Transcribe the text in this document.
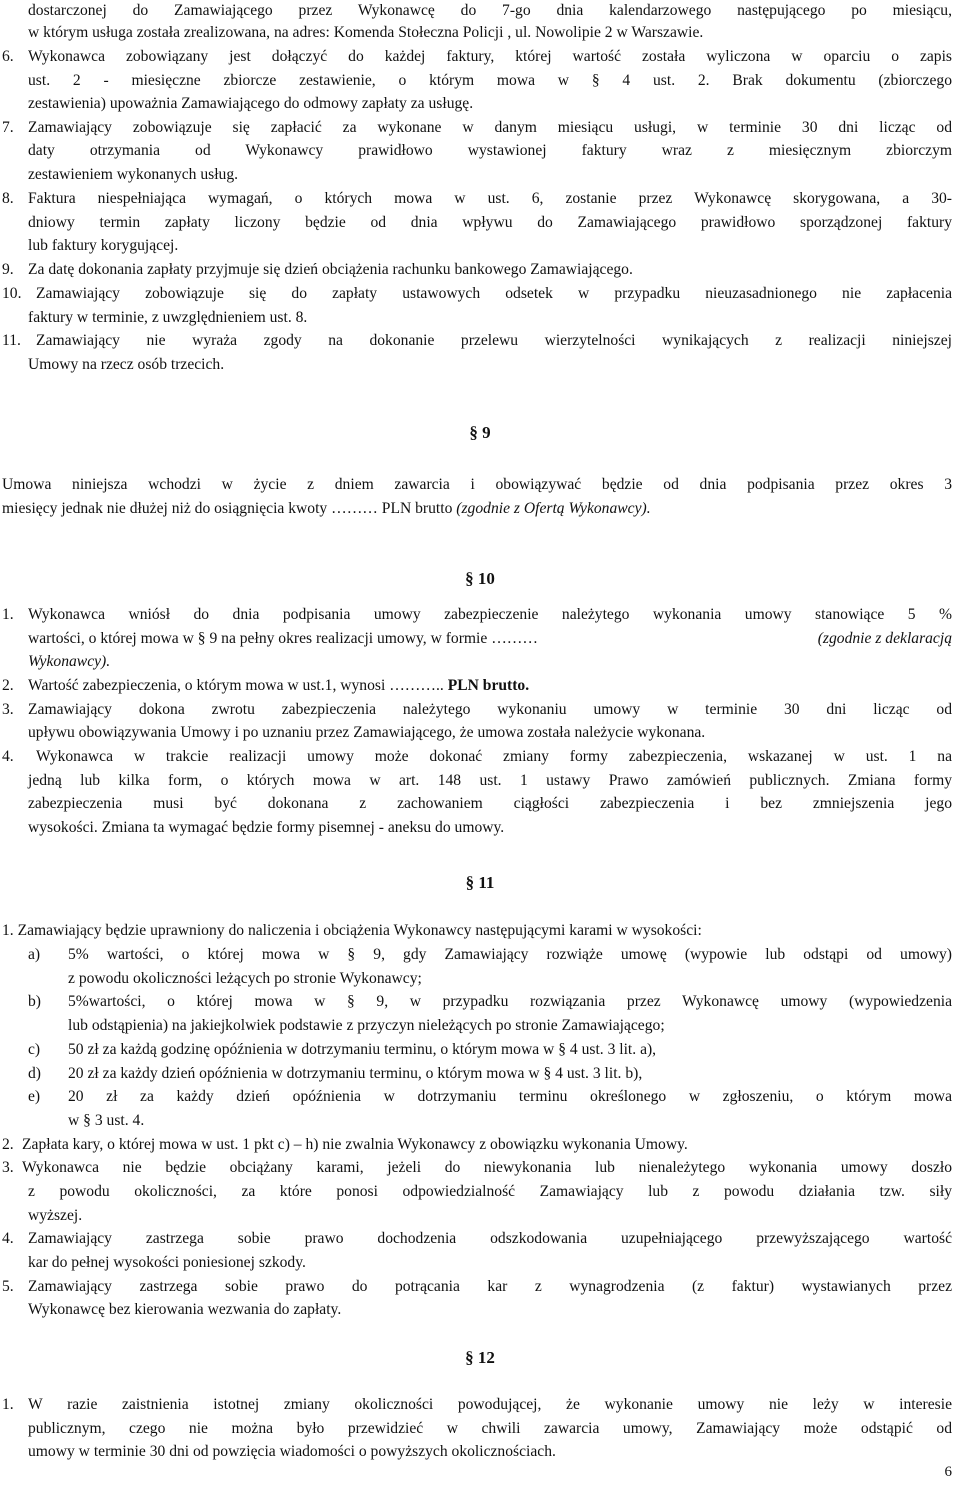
dostarczonej do Zamawiającego przez Wykonawcę do 7-go dnia kalendarzowego następującego po miesiącu,
w którym usługa została zrealizowana, na adres: Komenda Stołeczna Policji , ul. Nowolipie 2 w Warszawie.
6. Wykonawca zobowiązany jest dołączyć do każdej faktury, której wartość została wyliczona w oparciu o zapis
ust. 2 - miesięczne zbiorcze zestawienie, o którym mowa w § 4 ust. 2. Brak dokumentu (zbiorczego
zestawienia) upoważnia Zamawiającego do odmowy zapłaty za usługę.
7. Zamawiający zobowiązuje się zapłacić za wykonane w danym miesiącu usługi, w terminie 30 dni licząc od
daty otrzymania od Wykonawcy prawidłowo wystawionej faktury wraz z miesięcznym zbiorczym
zestawieniem wykonanych usług.
8. Faktura niespełniająca wymagań, o których mowa w ust. 6, zostanie przez Wykonawcę skorygowana, a 30-
dniowy termin zapłaty liczony będzie od dnia wpływu do Zamawiającego prawidłowo sporządzonej faktury
lub faktury korygującej.
9. Za datę dokonania zapłaty przyjmuje się dzień obciążenia rachunku bankowego Zamawiającego.
10. Zamawiający zobowiązuje się do zapłaty ustawowych odsetek w przypadku nieuzasadnionego nie zapłacenia
faktury w terminie, z uwzględnieniem ust. 8.
11. Zamawiający nie wyraża zgody na dokonanie przelewu wierzytelności wynikających z realizacji niniejszej
Umowy na rzecz osób trzecich.
§ 9
Umowa niniejsza wchodzi w życie z dniem zawarcia i obowiązywać będzie od dnia podpisania przez okres 3
miesięcy jednak nie dłużej niż do osiągnięcia kwoty ……… PLN brutto (zgodnie z Ofertą Wykonawcy).
§ 10
1. Wykonawca wniósł do dnia podpisania umowy zabezpieczenie należytego wykonania umowy stanowiące 5 %
wartości, o której mowa w § 9 na pełny okres realizacji umowy, w formie ………	(zgodnie z deklaracją
Wykonawcy).
2. Wartość zabezpieczenia, o którym mowa w ust.1, wynosi ……….. PLN brutto.
3. Zamawiający dokona zwrotu zabezpieczenia należytego wykonaniu umowy w terminie 30 dni licząc od
upływu obowiązywania Umowy i po uznaniu przez Zamawiającego, że umowa została należycie wykonana.
4.	Wykonawca w trakcie realizacji umowy może dokonać zmiany formy zabezpieczenia, wskazanej w ust. 1 na
jedną lub kilka form, o których mowa w art. 148 ust. 1 ustawy Prawo zamówień publicznych. Zmiana formy
zabezpieczenia musi być dokonana z zachowaniem ciągłości zabezpieczenia i bez zmniejszenia jego
wysokości. Zmiana ta wymagać będzie formy pisemnej - aneksu do umowy.
§ 11
1. Zamawiający będzie uprawniony do naliczenia i obciążenia Wykonawcy następującymi karami w wysokości:
a) 5% wartości, o której mowa w § 9, gdy Zamawiający rozwiąże umowę (wypowie lub odstąpi od umowy)
z powodu okoliczności leżących po stronie Wykonawcy;
b) 5%wartości, o której mowa w § 9, w przypadku rozwiązania przez Wykonawcę umowy (wypowiedzenia
lub odstąpienia) na jakiejkolwiek podstawie z przyczyn nieleżących po stronie Zamawiającego;
c) 50 zł za każdą godzinę opóźnienia w dotrzymaniu terminu, o którym mowa w § 4 ust. 3 lit. a),
d) 20 zł za każdy dzień opóźnienia w dotrzymaniu terminu, o którym mowa w § 4 ust. 3 lit. b),
e) 20 zł za każdy dzień opóźnienia w dotrzymaniu terminu określonego w zgłoszeniu, o którym mowa
w § 3 ust. 4.
2. Zapłata kary, o której mowa w ust. 1 pkt c) – h) nie zwalnia Wykonawcy z obowiązku wykonania Umowy.
3. Wykonawca nie będzie obciążany karami, jeżeli do niewykonania lub nienależytego wykonania umowy doszło
z powodu okoliczności, za które ponosi odpowiedzialność Zamawiający lub z powodu działania tzw. siły
wyższej.
4. Zamawiający zastrzega sobie prawo dochodzenia odszkodowania uzupełniającego przewyższającego wartość
kar do pełnej wysokości poniesionej szkody.
5. Zamawiający zastrzega sobie prawo do potrącania kar z wynagrodzenia (z faktur) wystawianych przez
Wykonawcę bez kierowania wezwania do zapłaty.
§ 12
1. W razie zaistnienia istotnej zmiany okoliczności powodującej, że wykonanie umowy nie leży w interesie
publicznym, czego nie można było przewidzieć w chwili zawarcia umowy, Zamawiający może odstąpić od
umowy w terminie 30 dni od powzięcia wiadomości o powyższych okolicznościach.
6
